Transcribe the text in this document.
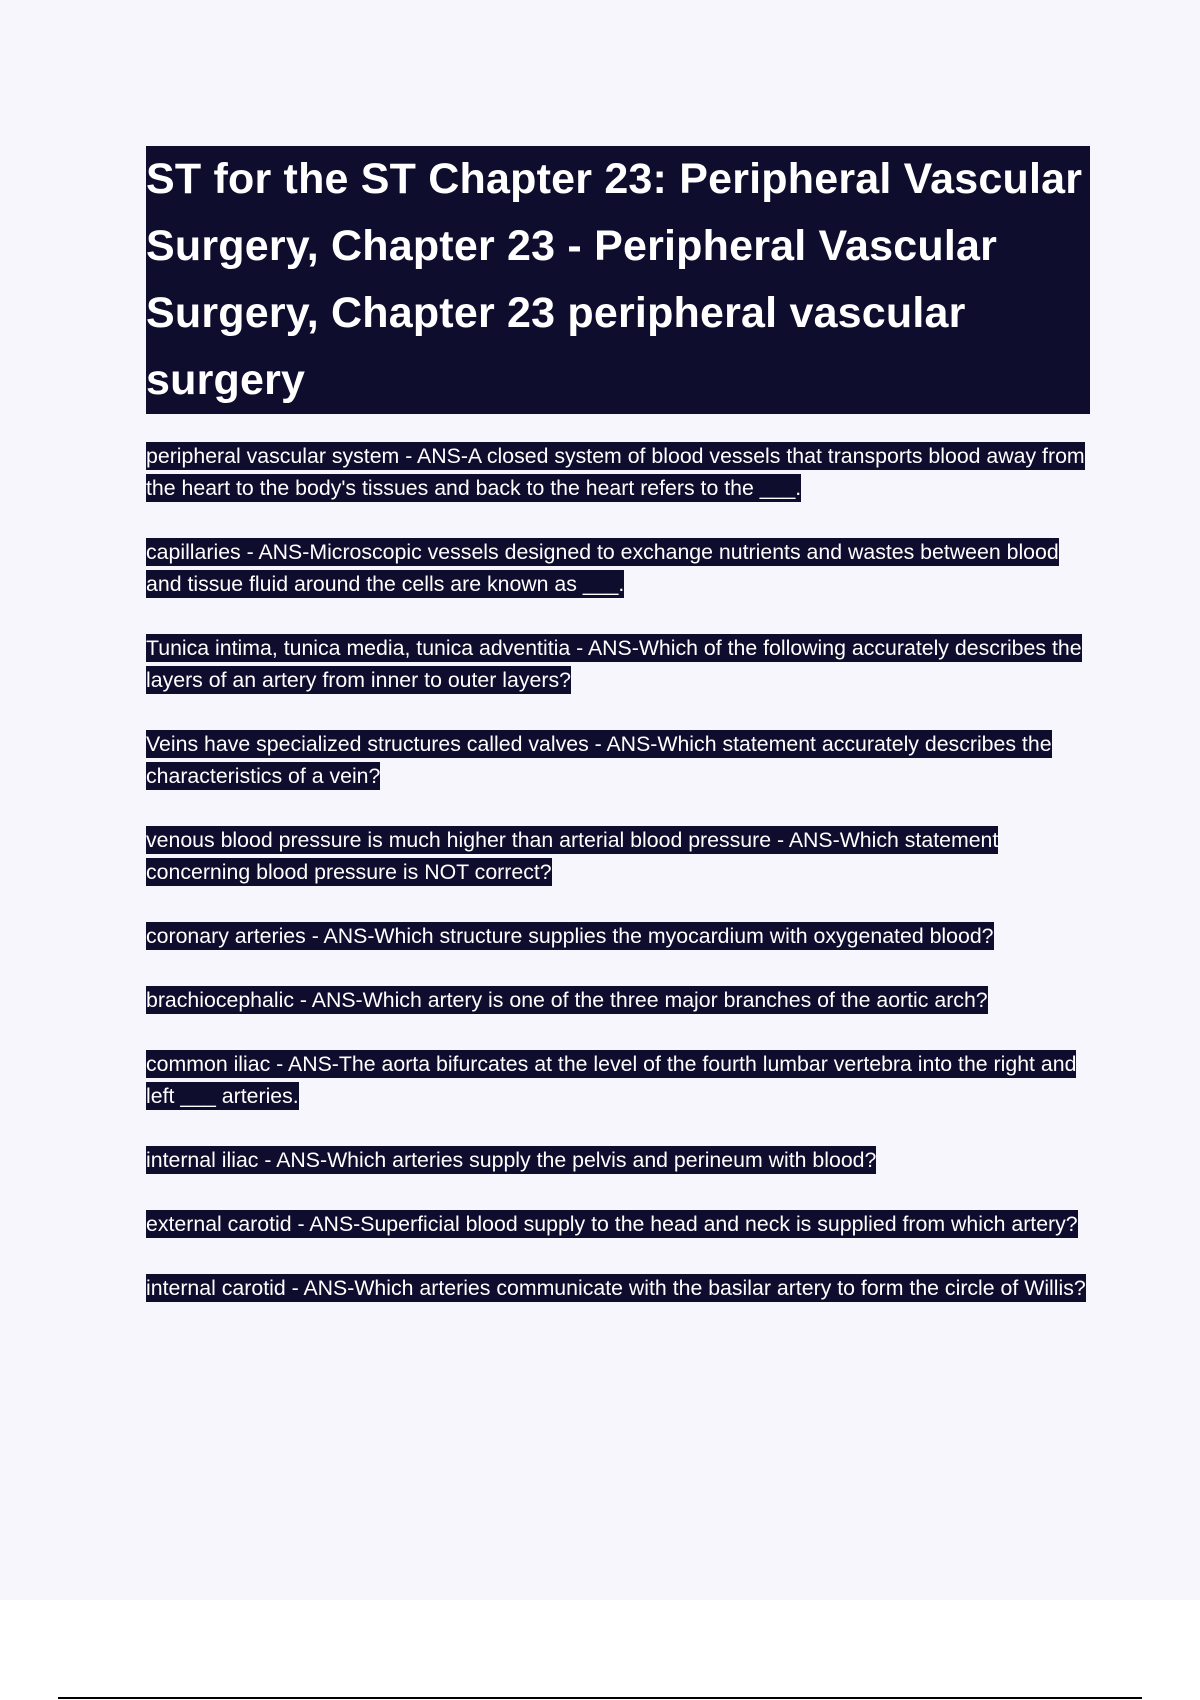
ST for the ST Chapter 23: Peripheral Vascular Surgery, Chapter 23 - Peripheral Vascular Surgery, Chapter 23 peripheral vascular surgery
peripheral vascular system - ANS-A closed system of blood vessels that transports blood away from the heart to the body's tissues and back to the heart refers to the ___.
capillaries - ANS-Microscopic vessels designed to exchange nutrients and wastes between blood and tissue fluid around the cells are known as ___.
Tunica intima, tunica media, tunica adventitia - ANS-Which of the following accurately describes the layers of an artery from inner to outer layers?
Veins have specialized structures called valves - ANS-Which statement accurately describes the characteristics of a vein?
venous blood pressure is much higher than arterial blood pressure - ANS-Which statement concerning blood pressure is NOT correct?
coronary arteries - ANS-Which structure supplies the myocardium with oxygenated blood?
brachiocephalic - ANS-Which artery is one of the three major branches of the aortic arch?
common iliac - ANS-The aorta bifurcates at the level of the fourth lumbar vertebra into the right and left ___ arteries.
internal iliac - ANS-Which arteries supply the pelvis and perineum with blood?
external carotid - ANS-Superficial blood supply to the head and neck is supplied from which artery?
internal carotid - ANS-Which arteries communicate with the basilar artery to form the circle of Willis?
